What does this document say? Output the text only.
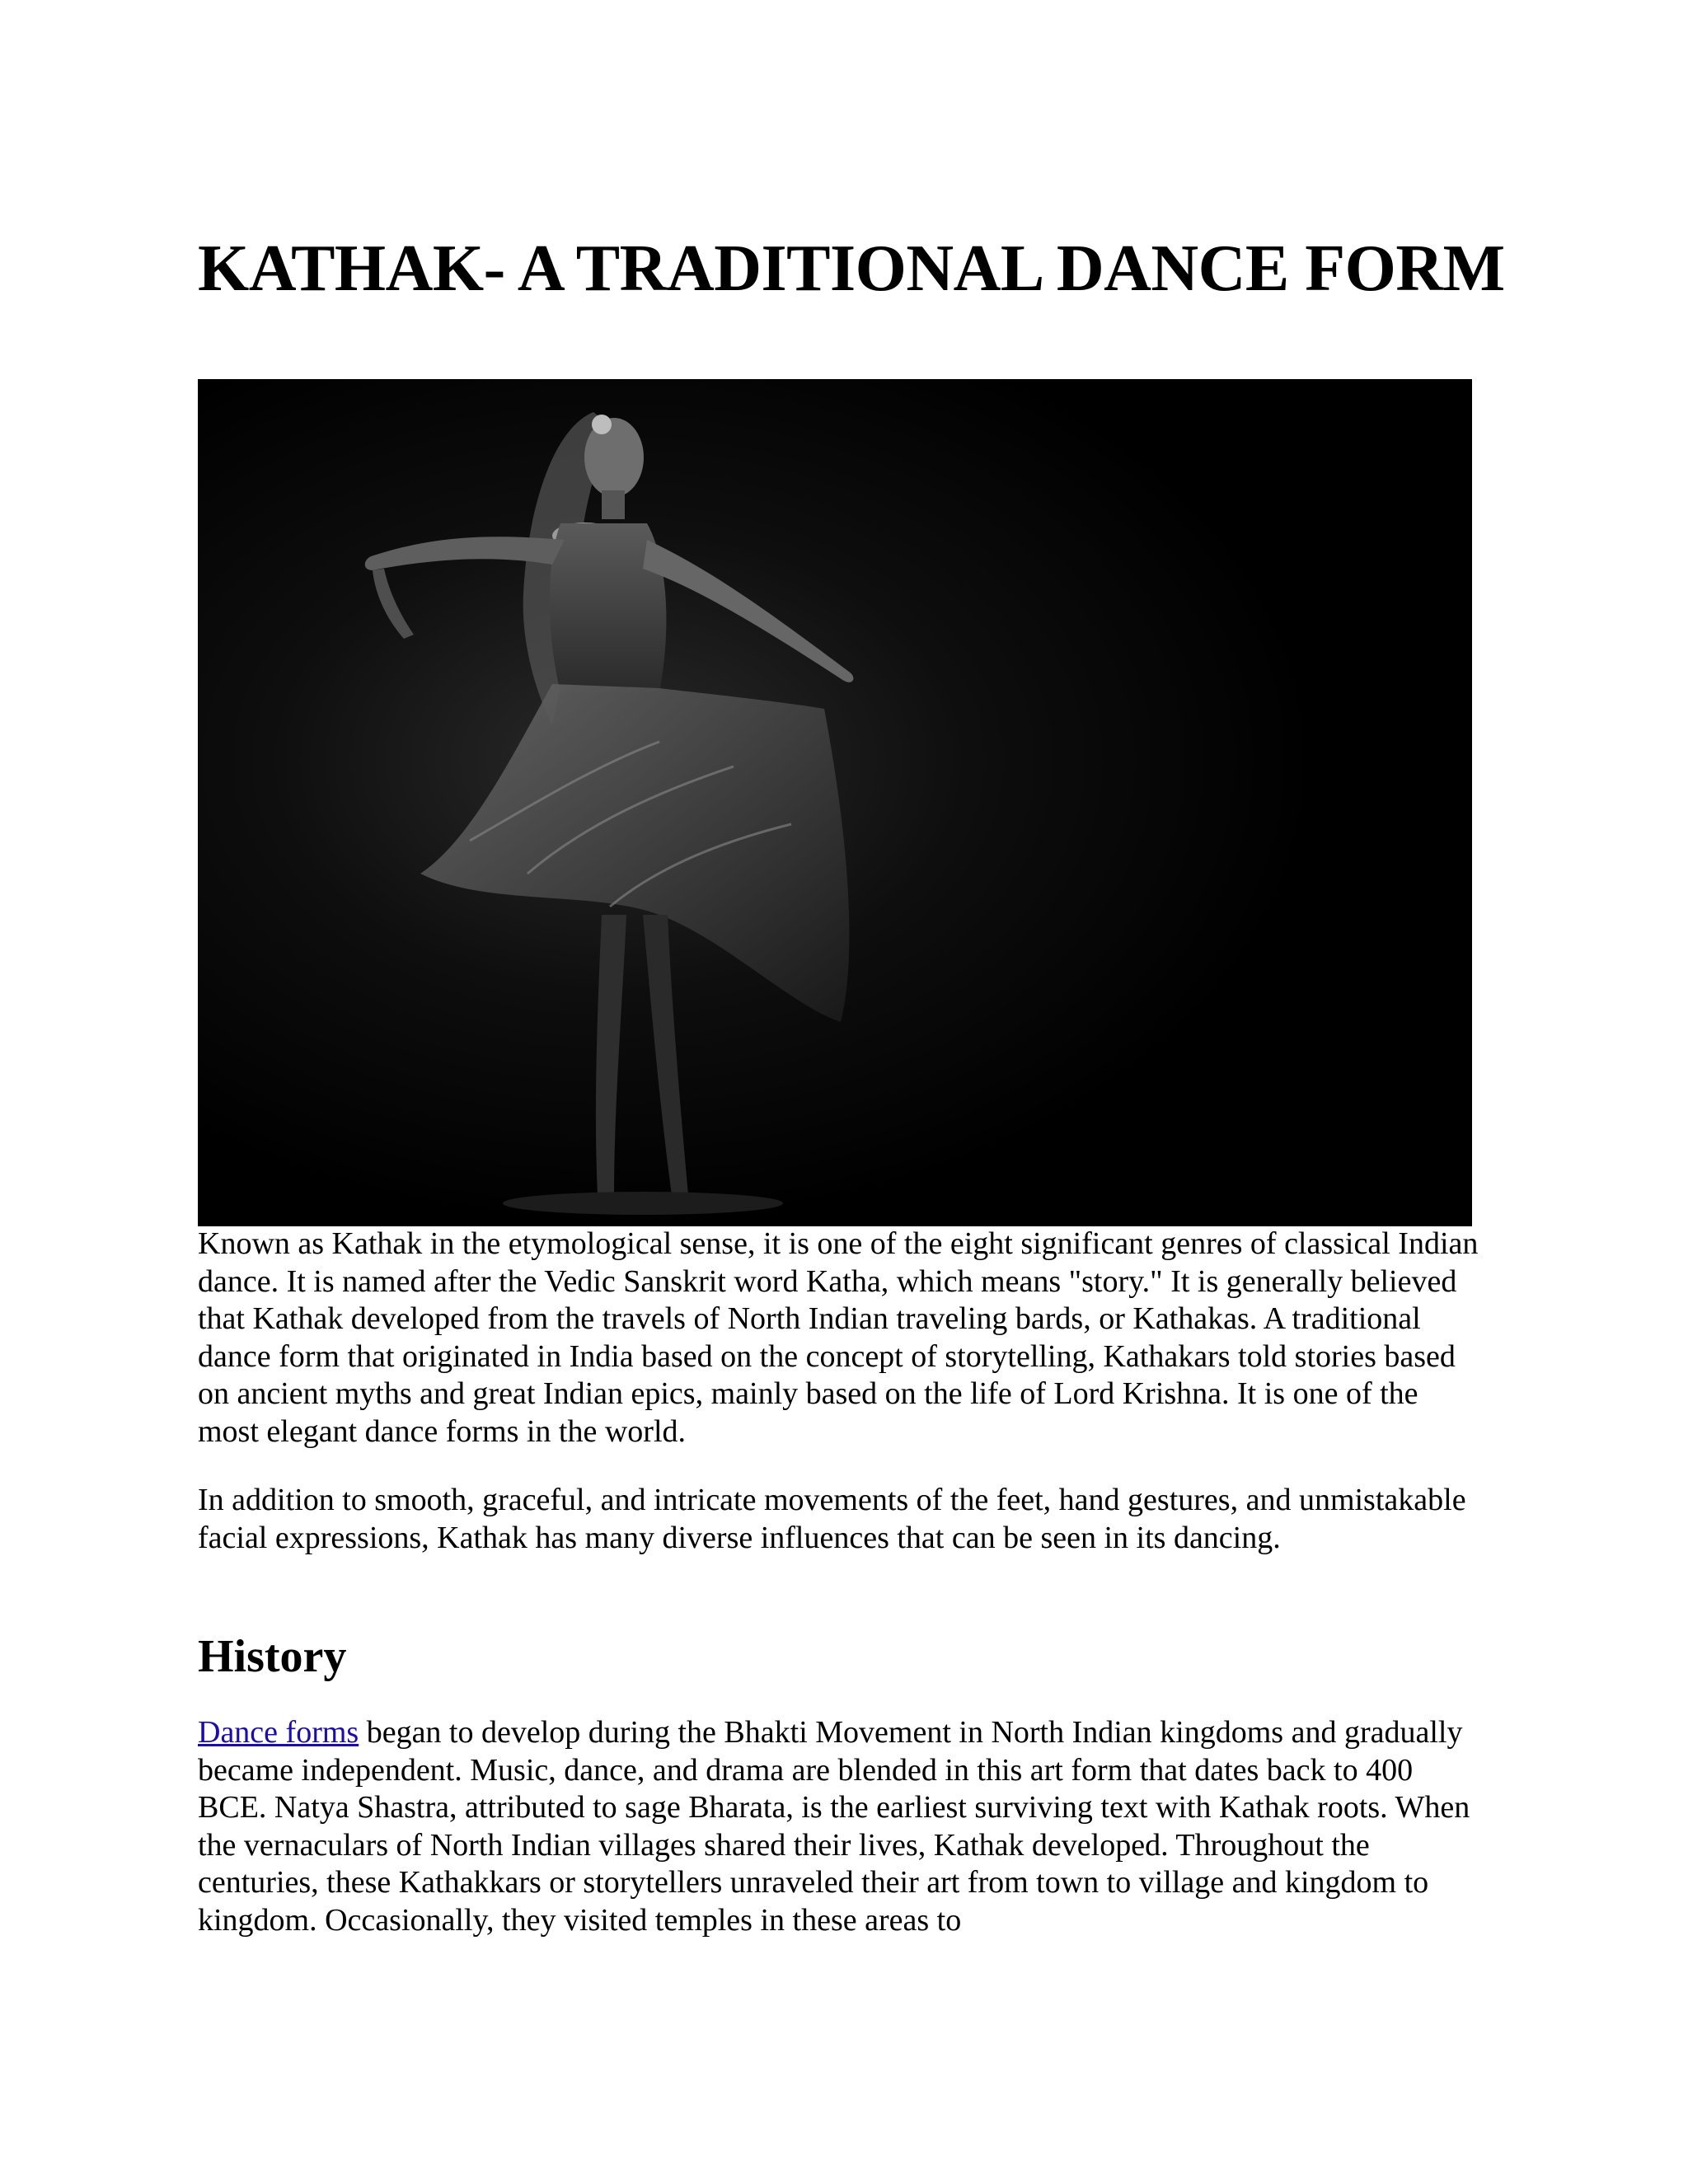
KATHAK- A TRADITIONAL DANCE FORM

Known as Kathak in the etymological sense, it is one of the eight significant genres of classical Indian dance. It is named after the Vedic Sanskrit word Katha, which means "story." It is generally believed that Kathak developed from the travels of North Indian traveling bards, or Kathakas. A traditional dance form that originated in India based on the concept of storytelling, Kathakars told stories based on ancient myths and great Indian epics, mainly based on the life of Lord Krishna. It is one of the most elegant dance forms in the world.

In addition to smooth, graceful, and intricate movements of the feet, hand gestures, and unmistakable facial expressions, Kathak has many diverse influences that can be seen in its dancing.

History

Dance forms began to develop during the Bhakti Movement in North Indian kingdoms and gradually became independent. Music, dance, and drama are blended in this art form that dates back to 400 BCE. Natya Shastra, attributed to sage Bharata, is the earliest surviving text with Kathak roots. When the vernaculars of North Indian villages shared their lives, Kathak developed. Throughout the centuries, these Kathakkars or storytellers unraveled their art from town to village and kingdom to kingdom. Occasionally, they visited temples in these areas to
